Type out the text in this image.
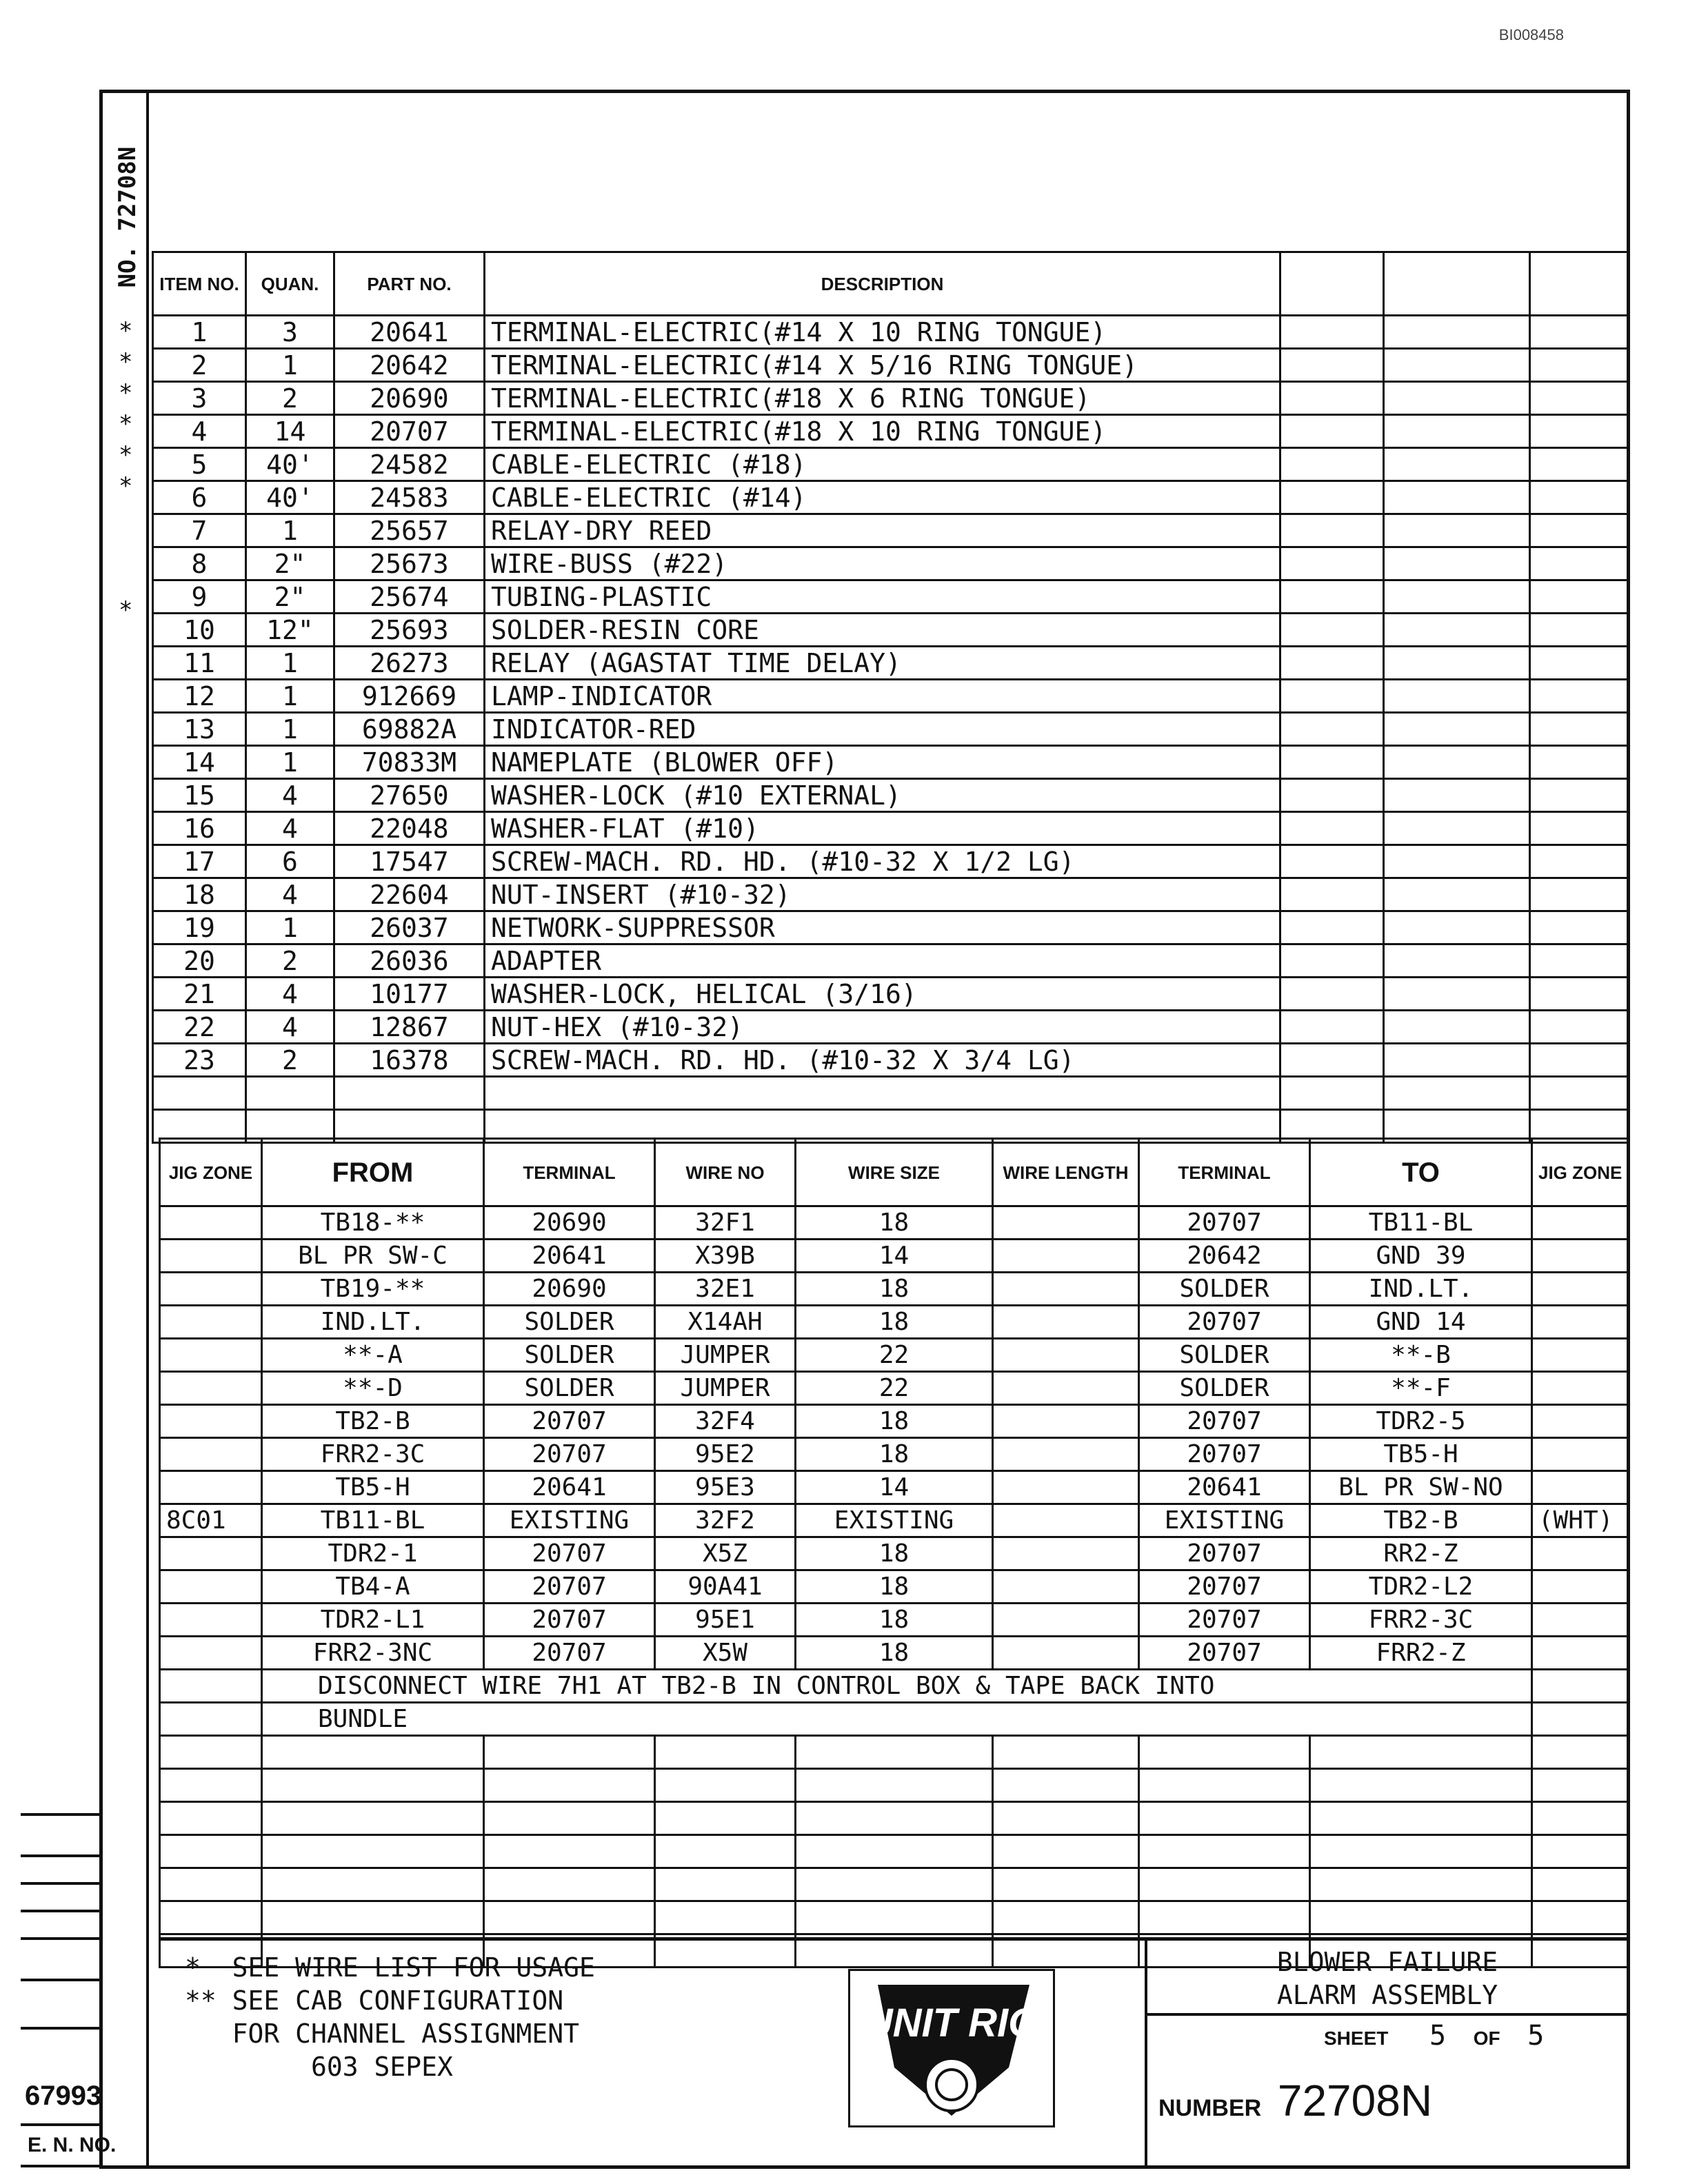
BI008458
NO. 72708N ITEM NO.	QUAN.	PART NO.	DESCRIPTION			
1	3	20641	TERMINAL-ELECTRIC(#14 X 10 RING TONGUE)			
2	1	20642	TERMINAL-ELECTRIC(#14 X 5/16 RING TONGUE)			
3	2	20690	TERMINAL-ELECTRIC(#18 X 6 RING TONGUE)			
4	14	20707	TERMINAL-ELECTRIC(#18 X 10 RING TONGUE)			
5	40'	24582	CABLE-ELECTRIC (#18)			
6	40'	24583	CABLE-ELECTRIC (#14)			
7	1	25657	RELAY-DRY REED			
8	2"	25673	WIRE-BUSS (#22)			
9	2"	25674	TUBING-PLASTIC			
10	12"	25693	SOLDER-RESIN CORE			
11	1	26273	RELAY (AGASTAT TIME DELAY)			
12	1	912669	LAMP-INDICATOR			
13	1	69882A	INDICATOR-RED			
14	1	70833M	NAMEPLATE (BLOWER OFF)			
15	4	27650	WASHER-LOCK (#10 EXTERNAL)			
16	4	22048	WASHER-FLAT (#10)			
17	6	17547	SCREW-MACH. RD. HD. (#10-32 X 1/2 LG)			
18	4	22604	NUT-INSERT (#10-32)			
19	1	26037	NETWORK-SUPPRESSOR			
20	2	26036	ADAPTER			
21	4	10177	WASHER-LOCK, HELICAL (3/16)			
22	4	12867	NUT-HEX (#10-32)			
23	2	16378	SCREW-MACH. RD. HD. (#10-32 X 3/4 LG)			

JIG ZONE	FROM	TERMINAL	WIRE NO	WIRE SIZE	WIRE LENGTH	TERMINAL	TO	JIG ZONE
	TB18-**	20690	32F1	18		20707	TB11-BL	
	BL PR SW-C	20641	X39B	14		20642	GND 39	
	TB19-**	20690	32E1	18		SOLDER	IND.LT.	
	IND.LT.	SOLDER	X14AH	18		20707	GND 14	
	**-A	SOLDER	JUMPER	22		SOLDER	**-B	
	**-D	SOLDER	JUMPER	22		SOLDER	**-F	
	TB2-B	20707	32F4	18		20707	TDR2-5	
	FRR2-3C	20707	95E2	18		20707	TB5-H	
	TB5-H	20641	95E3	14		20641	BL PR SW-NO	
8C01	TB11-BL	EXISTING	32F2	EXISTING		EXISTING	TB2-B	(WHT)
	TDR2-1	20707	X5Z	18		20707	RR2-Z	
	TB4-A	20707	90A41	18		20707	TDR2-L2	
	TDR2-L1	20707	95E1	18		20707	FRR2-3C	
	FRR2-3NC	20707	X5W	18		20707	FRR2-Z	
	DISCONNECT WIRE 7H1 AT TB2-B IN CONTROL BOX & TAPE BACK INTO							
	BUNDLE							

*  SEE WIRE LIST FOR USAGE
** SEE CAB CONFIGURATION
FOR CHANNEL ASSIGNMENT
603 SEPEX
UNIT RIG
BLOWER FAILURE
ALARM ASSEMBLY
SHEET 5 OF 5
NUMBER 72708N
67993
E. N. NO.
*
*
*
*
*
*
*
